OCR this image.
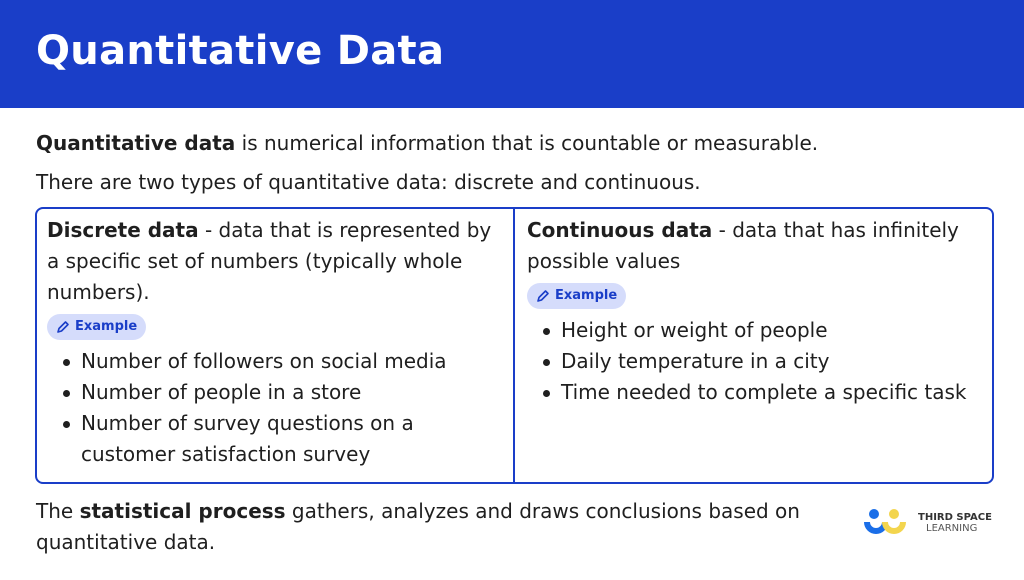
Quantitative Data
Quantitative data is numerical information that is countable or measurable.
There are two types of quantitative data: discrete and continuous.
Discrete data - data that is represented by a specific set of numbers (typically whole numbers).
Example
Number of followers on social media
Number of people in a store
Number of survey questions on a customer satisfaction survey
Continuous data - data that has infinitely possible values
Example
Height or weight of people
Daily temperature in a city
Time needed to complete a specific task
The statistical process gathers, analyzes and draws conclusions based on quantitative data.
THIRD SPACE
LEARNING
